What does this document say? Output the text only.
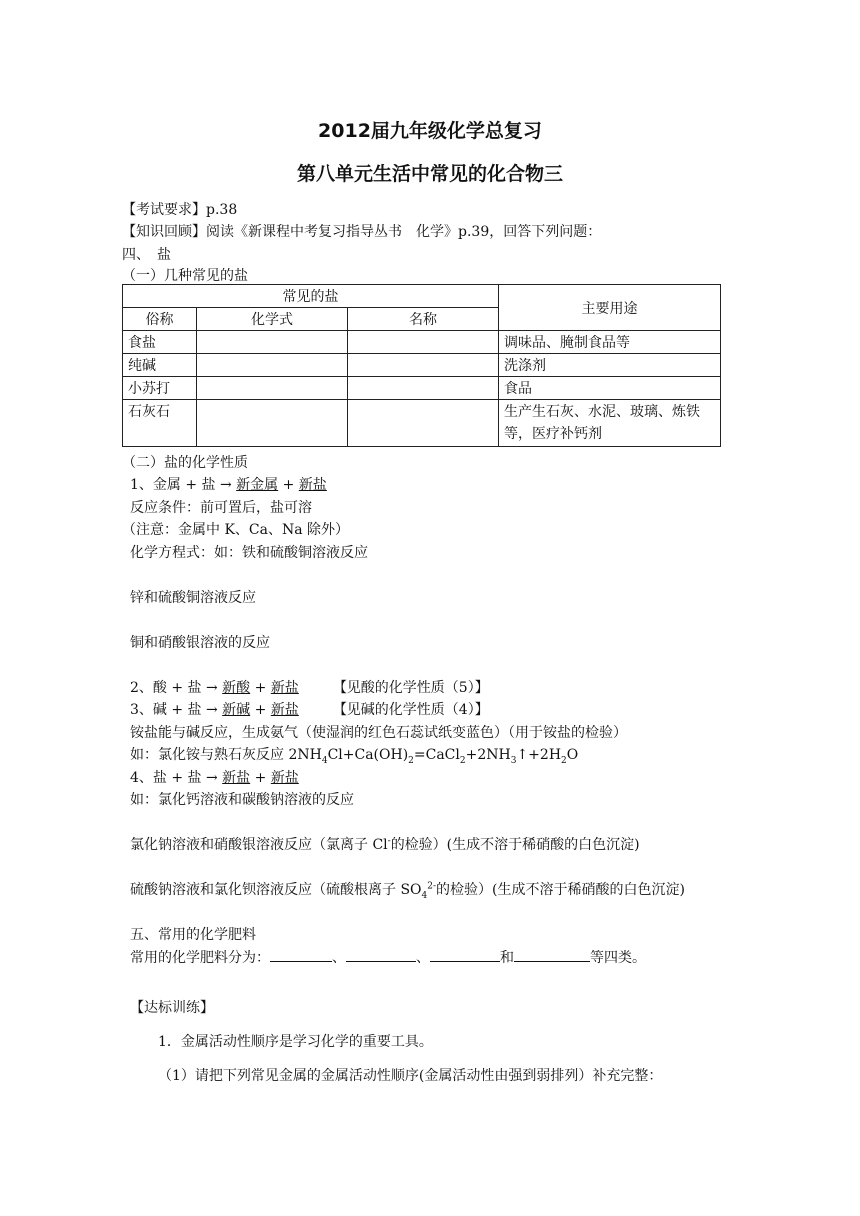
2012届九年级化学总复习
第八单元生活中常见的化合物三
【考试要求】p.38
【知识回顾】阅读《新课程中考复习指导丛书　化学》p.39，回答下列问题：
四、　盐
（一）几种常见的盐
常见的盐			主要用途
俗称	化学式	名称	
食盐			调味品、腌制食品等
纯碱			洗涤剂
小苏打			食品
石灰石			生产生石灰、水泥、玻璃、炼铁等，医疗补钙剂
（二）盐的化学性质
1、金属 + 盐 → 新金属 + 新盐
反应条件：前可置后，盐可溶
（注意：金属中 K、Ca、Na 除外）
化学方程式：如：铁和硫酸铜溶液反应
锌和硫酸铜溶液反应
铜和硝酸银溶液的反应
2、酸 + 盐 → 新酸 + 新盐 【见酸的化学性质（5）】
3、碱 + 盐 → 新碱 + 新盐 【见碱的化学性质（4）】
铵盐能与碱反应，生成氨气（使湿润的红色石蕊试纸变蓝色）（用于铵盐的检验）
如：氯化铵与熟石灰反应 $2NH_4Cl+Ca(OH)_2=CaCl_2+2NH_3↑+2H_2O$
4、盐 + 盐 → 新盐 + 新盐
如：氯化钙溶液和碳酸钠溶液的反应
氯化钠溶液和硝酸银溶液反应（氯离子 Cl-的检验）(生成不溶于稀硝酸的白色沉淀)
硫酸钠溶液和氯化钡溶液反应（硫酸根离子 $SO_4^{2-}$的检验）(生成不溶于稀硝酸的白色沉淀)
五、常用的化学肥料
常用的化学肥料分为：	、	、	和	等四类。
【达标训练】
1．金属活动性顺序是学习化学的重要工具。
（1）请把下列常见金属的金属活动性顺序(金属活动性由强到弱排列）补充完整：
